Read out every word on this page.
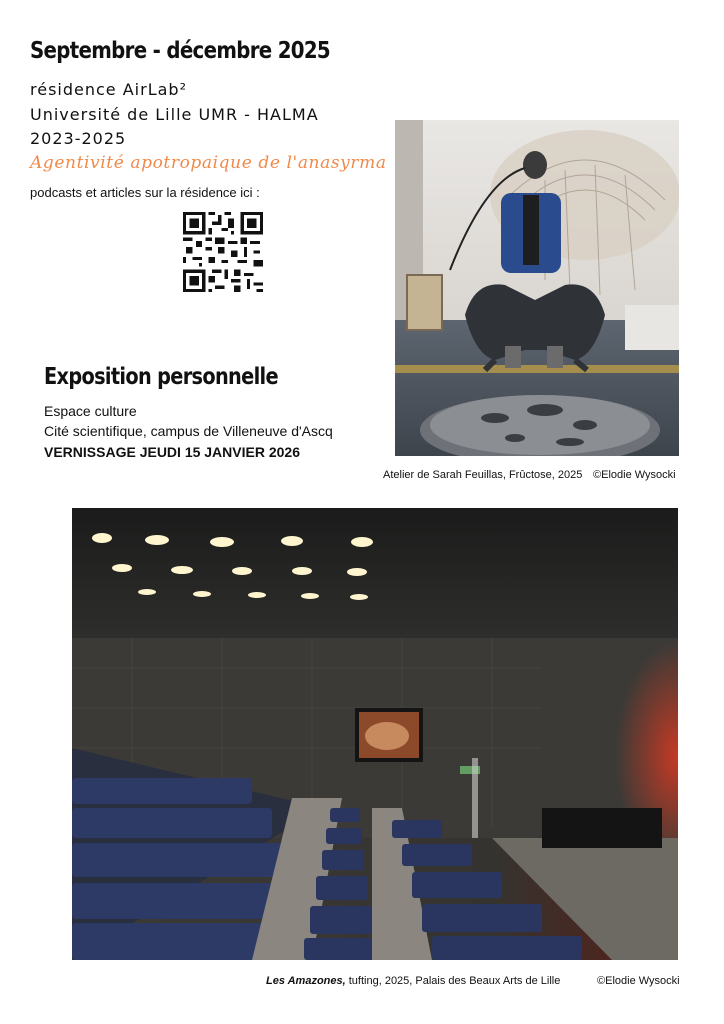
Septembre - décembre 2025
résidence AirLab²
Université de Lille UMR - HALMA
2023-2025
Agentivité apotropaique de l'anasyrma
podcasts et articles sur la résidence ici :
Exposition personnelle
Espace culture
Cité scientifique, campus de Villeneuve d'Ascq
VERNISSAGE JEUDI 15 JANVIER 2026
Atelier de Sarah Feuillas, Frûctose, 2025 ©Elodie Wysocki
Les Amazones, tufting, 2025, Palais des Beaux Arts de Lille	©Elodie Wysocki
